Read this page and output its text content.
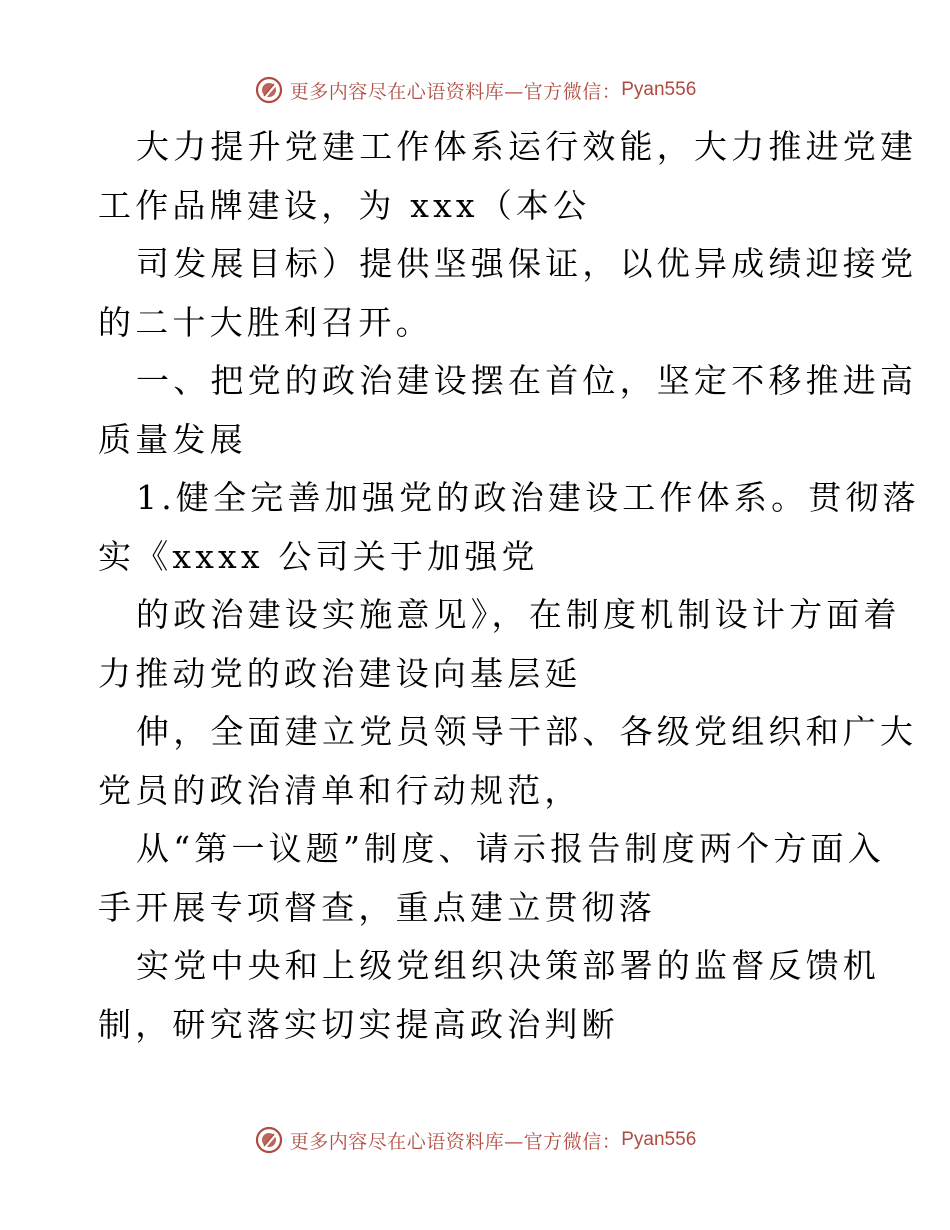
更多内容尽在心语资料库—官方微信： Pyan556
大力提升党建工作体系运行效能，大力推进党建
工作品牌建设，为 xxx（本公
司发展目标）提供坚强保证，以优异成绩迎接党
的二十大胜利召开。
一、把党的政治建设摆在首位，坚定不移推进高
质量发展
1.健全完善加强党的政治建设工作体系。贯彻落
实《xxxx 公司关于加强党
的政治建设实施意见》，在制度机制设计方面着
力推动党的政治建设向基层延
伸，全面建立党员领导干部、各级党组织和广大
党员的政治清单和行动规范，
从“第一议题”制度、请示报告制度两个方面入
手开展专项督查，重点建立贯彻落
实党中央和上级党组织决策部署的监督反馈机
制，研究落实切实提高政治判断
更多内容尽在心语资料库—官方微信： Pyan556
